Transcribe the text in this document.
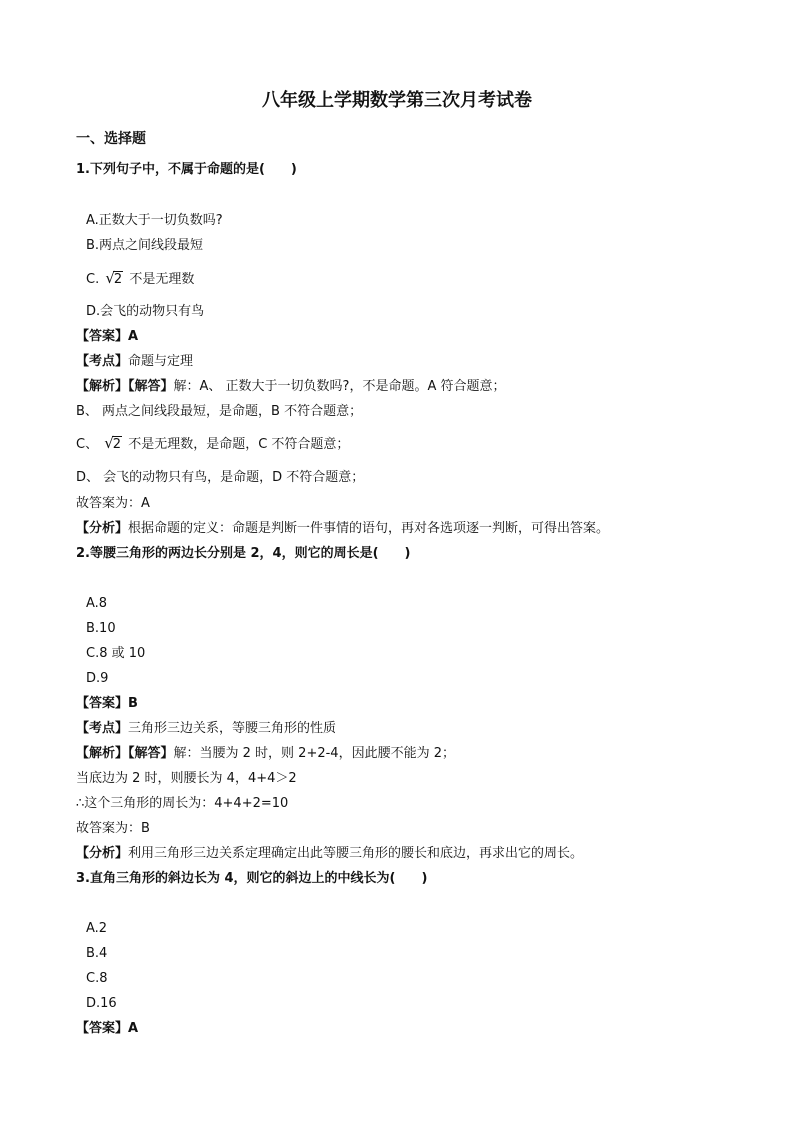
八年级上学期数学第三次月考试卷
一、选择题
1.下列句子中，不属于命题的是(　　)
A.正数大于一切负数吗?
B.两点之间线段最短
C. √2 不是无理数
D.会飞的动物只有鸟
【答案】A
【考点】命题与定理
【解析】【解答】解：A、 正数大于一切负数吗?，不是命题。A 符合题意；
B、 两点之间线段最短，是命题，B 不符合题意；
C、 √2 不是无理数，是命题，C 不符合题意；
D、 会飞的动物只有鸟，是命题，D 不符合题意；
故答案为：A
【分析】根据命题的定义：命题是判断一件事情的语句，再对各选项逐一判断，可得出答案。
2.等腰三角形的两边长分别是 2，4，则它的周长是(　　)
A.8
B.10
C.8 或 10
D.9
【答案】B
【考点】三角形三边关系，等腰三角形的性质
【解析】【解答】解：当腰为 2 时，则 2+2-4，因此腰不能为 2；
当底边为 2 时，则腰长为 4，4+4＞2
∴这个三角形的周长为：4+4+2=10
故答案为：B
【分析】利用三角形三边关系定理确定出此等腰三角形的腰长和底边，再求出它的周长。
3.直角三角形的斜边长为 4，则它的斜边上的中线长为(　　)
A.2
B.4
C.8
D.16
【答案】A
